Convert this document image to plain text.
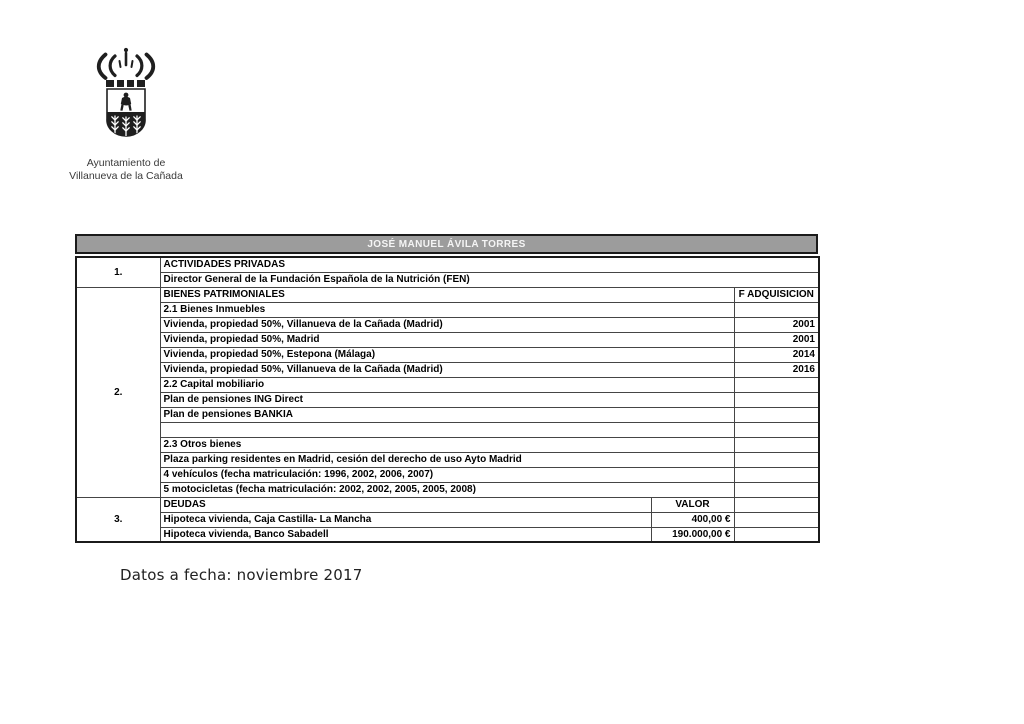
Ayuntamiento de
Villanueva de la Cañada
JOSÉ MANUEL ÁVILA TORRES
1.	ACTIVIDADES PRIVADAS		
	Director General de la Fundación Española de la Nutrición (FEN)		
2.	BIENES PATRIMONIALES		F ADQUISICION
	2.1 Bienes Inmuebles		
	Vivienda, propiedad 50%, Villanueva de la Cañada (Madrid)		2001
	Vivienda, propiedad 50%, Madrid		2001
	Vivienda, propiedad 50%, Estepona (Málaga)		2014
	Vivienda, propiedad 50%, Villanueva de la Cañada (Madrid)		2016
	2.2 Capital mobiliario		
	Plan de pensiones ING Direct		
	Plan de pensiones BANKIA		

	2.3 Otros bienes		
	Plaza parking residentes en Madrid, cesión del derecho de uso Ayto Madrid		
	4 vehículos (fecha matriculación: 1996, 2002, 2006, 2007)		
	5 motocicletas (fecha matriculación: 2002, 2002, 2005, 2005, 2008)		
3.	DEUDAS	VALOR	
	Hipoteca vivienda, Caja Castilla- La Mancha	400,00 €	
	Hipoteca vivienda, Banco Sabadell	190.000,00 €	
Datos a fecha: noviembre 2017
